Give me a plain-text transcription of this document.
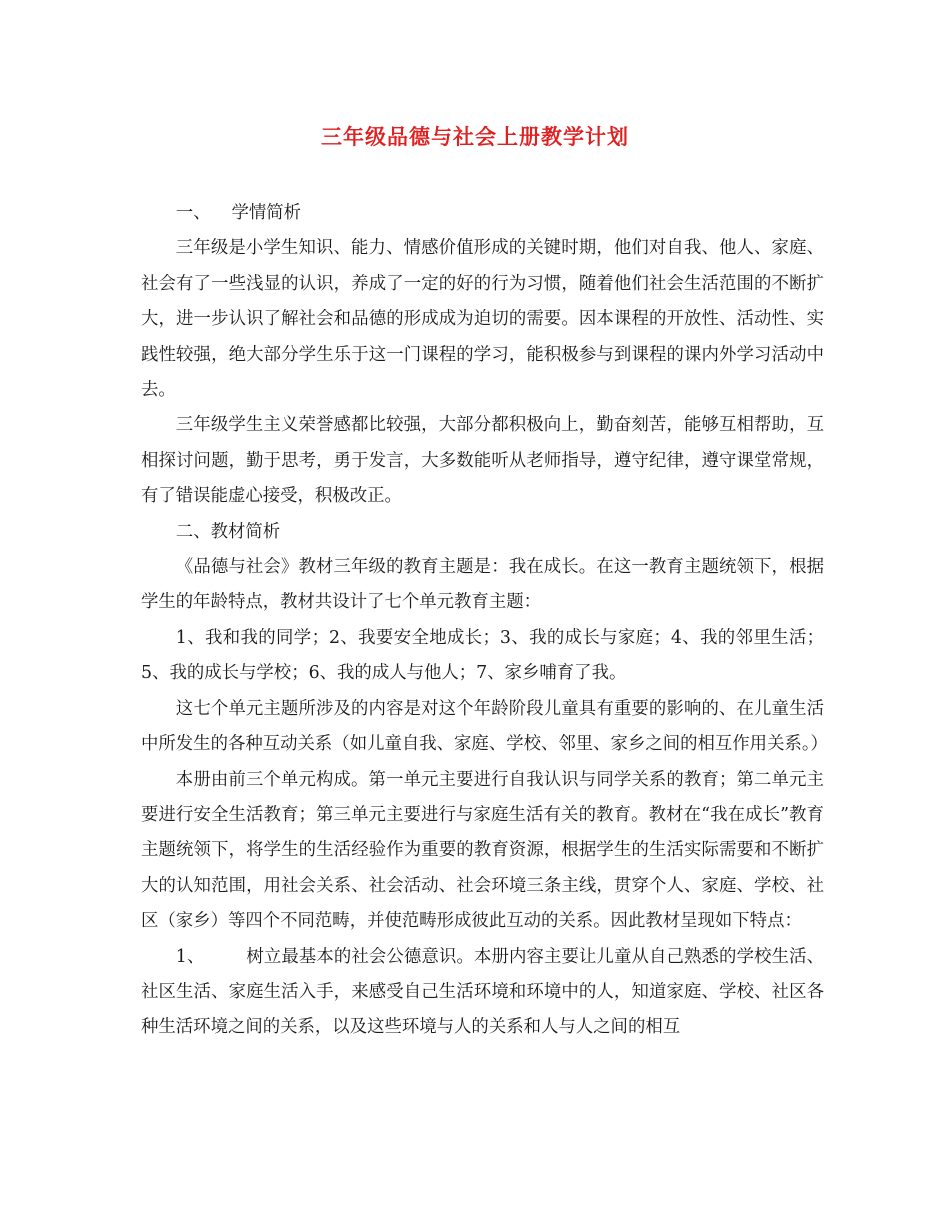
三年级品德与社会上册教学计划

一、 学情简析

三年级是小学生知识、能力、情感价值形成的关键时期，他们对自我、他人、家庭、社会有了一些浅显的认识，养成了一定的好的行为习惯，随着他们社会生活范围的不断扩大，进一步认识了解社会和品德的形成成为迫切的需要。因本课程的开放性、活动性、实践性较强，绝大部分学生乐于这一门课程的学习，能积极参与到课程的课内外学习活动中去。

三年级学生主义荣誉感都比较强，大部分都积极向上，勤奋刻苦，能够互相帮助，互相探讨问题，勤于思考，勇于发言，大多数能听从老师指导，遵守纪律，遵守课堂常规，有了错误能虚心接受，积极改正。

二、教材简析

《品德与社会》教材三年级的教育主题是：我在成长。在这一教育主题统领下，根据学生的年龄特点，教材共设计了七个单元教育主题：

1、我和我的同学；2、我要安全地成长；3、我的成长与家庭；4、我的邻里生活；5、我的成长与学校；6、我的成人与他人；7、家乡哺育了我。

这七个单元主题所涉及的内容是对这个年龄阶段儿童具有重要的影响的、在儿童生活中所发生的各种互动关系（如儿童自我、家庭、学校、邻里、家乡之间的相互作用关系。）

本册由前三个单元构成。第一单元主要进行自我认识与同学关系的教育；第二单元主要进行安全生活教育；第三单元主要进行与家庭生活有关的教育。教材在“我在成长”教育主题统领下，将学生的生活经验作为重要的教育资源，根据学生的生活实际需要和不断扩大的认知范围，用社会关系、社会活动、社会环境三条主线，贯穿个人、家庭、学校、社区（家乡）等四个不同范畴，并使范畴形成彼此互动的关系。因此教材呈现如下特点：

1、 树立最基本的社会公德意识。本册内容主要让儿童从自己熟悉的学校生活、社区生活、家庭生活入手，来感受自己生活环境和环境中的人，知道家庭、学校、社区各种生活环境之间的关系，以及这些环境与人的关系和人与人之间的相互
